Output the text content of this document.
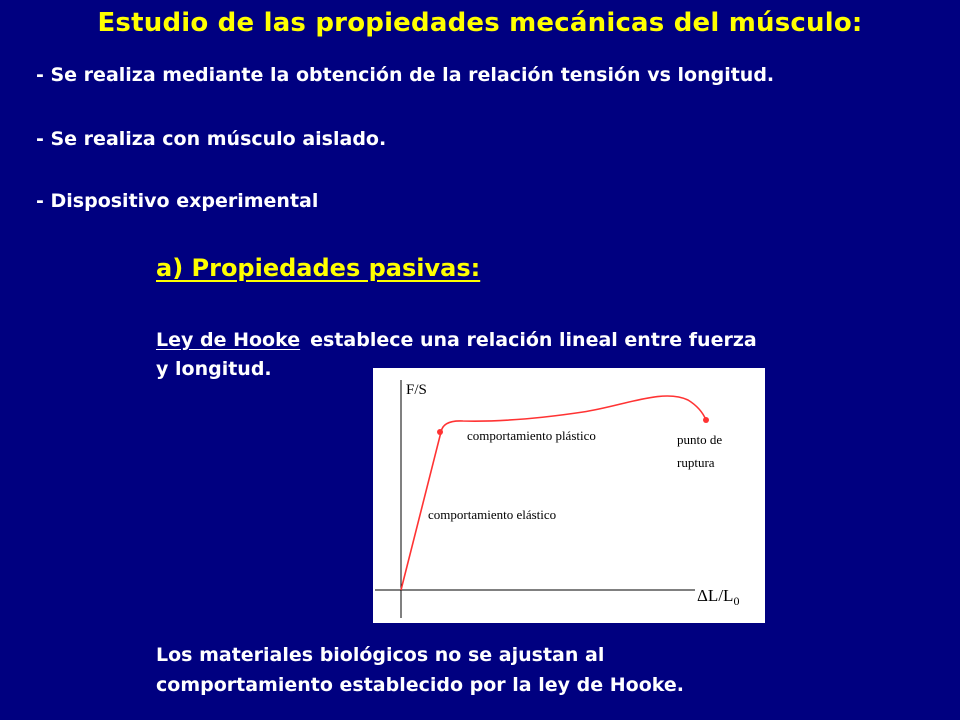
Estudio de las propiedades mecánicas del músculo:
- Se realiza mediante la obtención de la relación tensión vs longitud.
- Se realiza con músculo aislado.
- Dispositivo experimental
a) Propiedades pasivas:
Ley de Hooke establece una relación lineal entre fuerza
y longitud.
F/S
$\Delta L/L_0$
comportamiento plástico
comportamiento elástico
punto de
ruptura
Los materiales biológicos no se ajustan al
comportamiento establecido por la ley de Hooke.
